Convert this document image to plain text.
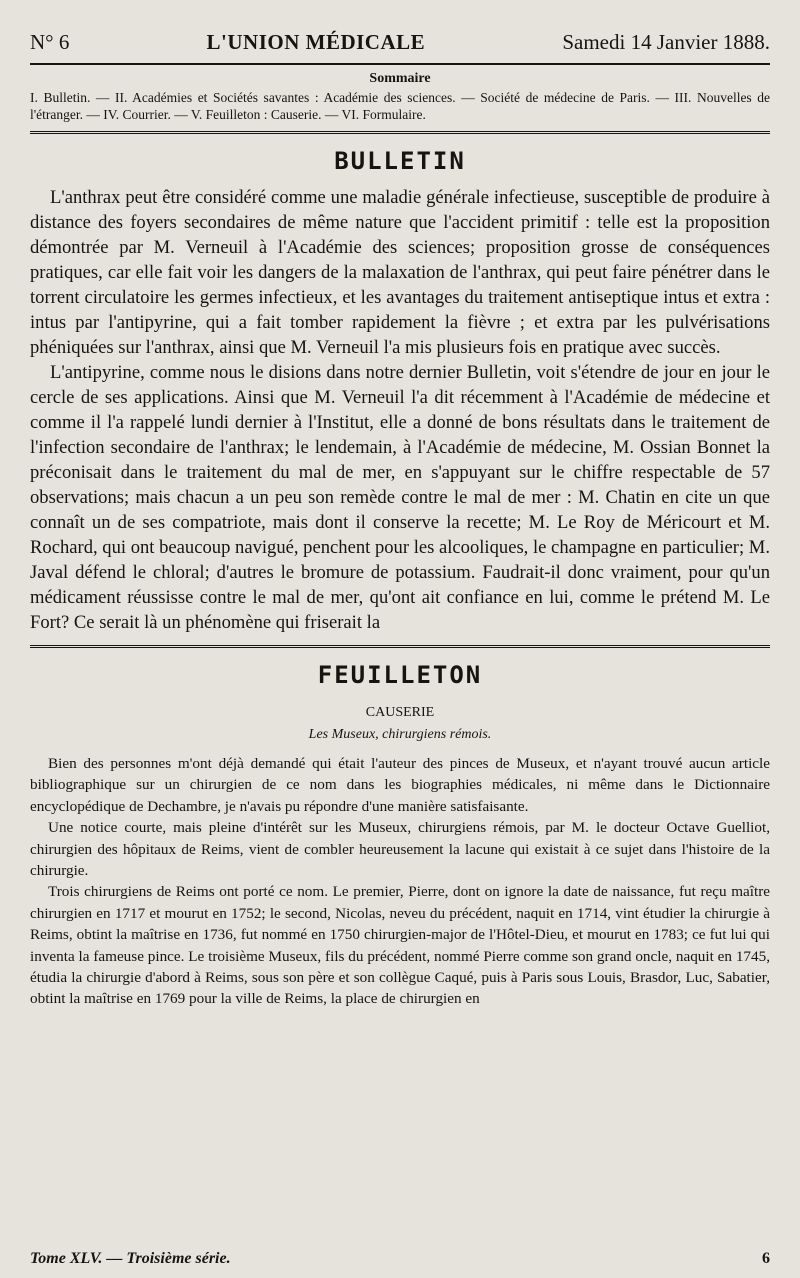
N° 6	L'UNION MÉDICALE	Samedi 14 Janvier 1888.
Sommaire

I. Bulletin. — II. Académies et Sociétés savantes : Académie des sciences. — Société de médecine de Paris. — III. Nouvelles de l'étranger. — IV. Courrier. — V. Feuilleton : Causerie. — VI. Formulaire.

BULLETIN

L'anthrax peut être considéré comme une maladie générale infectieuse, susceptible de produire à distance des foyers secondaires de même nature que l'accident primitif : telle est la proposition démontrée par M. Verneuil à l'Académie des sciences; proposition grosse de conséquences pratiques, car elle fait voir les dangers de la malaxation de l'anthrax, qui peut faire pénétrer dans le torrent circulatoire les germes infectieux, et les avantages du traitement antiseptique intus et extra : intus par l'antipyrine, qui a fait tomber rapidement la fièvre ; et extra par les pulvérisations phéniquées sur l'anthrax, ainsi que M. Verneuil l'a mis plusieurs fois en pratique avec succès.

L'antipyrine, comme nous le disions dans notre dernier Bulletin, voit s'étendre de jour en jour le cercle de ses applications. Ainsi que M. Verneuil l'a dit récemment à l'Académie de médecine et comme il l'a rappelé lundi dernier à l'Institut, elle a donné de bons résultats dans le traitement de l'infection secondaire de l'anthrax; le lendemain, à l'Académie de médecine, M. Ossian Bonnet la préconisait dans le traitement du mal de mer, en s'appuyant sur le chiffre respectable de 57 observations; mais chacun a un peu son remède contre le mal de mer : M. Chatin en cite un que connaît un de ses compatriote, mais dont il conserve la recette; M. Le Roy de Méricourt et M. Rochard, qui ont beaucoup navigué, penchent pour les alcooliques, le champagne en particulier; M. Javal défend le chloral; d'autres le bromure de potassium. Faudrait-il donc vraiment, pour qu'un médicament réussisse contre le mal de mer, qu'ont ait confiance en lui, comme le prétend M. Le Fort? Ce serait là un phénomène qui friserait la

FEUILLETON
CAUSERIE
Les Museux, chirurgiens rémois.

Bien des personnes m'ont déjà demandé qui était l'auteur des pinces de Museux, et n'ayant trouvé aucun article bibliographique sur un chirurgien de ce nom dans les biographies médicales, ni même dans le Dictionnaire encyclopédique de Dechambre, je n'avais pu répondre d'une manière satisfaisante.

Une notice courte, mais pleine d'intérêt sur les Museux, chirurgiens rémois, par M. le docteur Octave Guelliot, chirurgien des hôpitaux de Reims, vient de combler heureusement la lacune qui existait à ce sujet dans l'histoire de la chirurgie.

Trois chirurgiens de Reims ont porté ce nom. Le premier, Pierre, dont on ignore la date de naissance, fut reçu maître chirurgien en 1717 et mourut en 1752; le second, Nicolas, neveu du précédent, naquit en 1714, vint étudier la chirurgie à Reims, obtint la maîtrise en 1736, fut nommé en 1750 chirurgien-major de l'Hôtel-Dieu, et mourut en 1783; ce fut lui qui inventa la fameuse pince. Le troisième Museux, fils du précédent, nommé Pierre comme son grand oncle, naquit en 1745, étudia la chirurgie d'abord à Reims, sous son père et son collègue Caqué, puis à Paris sous Louis, Brasdor, Luc, Sabatier, obtint la maîtrise en 1769 pour la ville de Reims, la place de chirurgien en

Tome XLV. — Troisième série.	6
